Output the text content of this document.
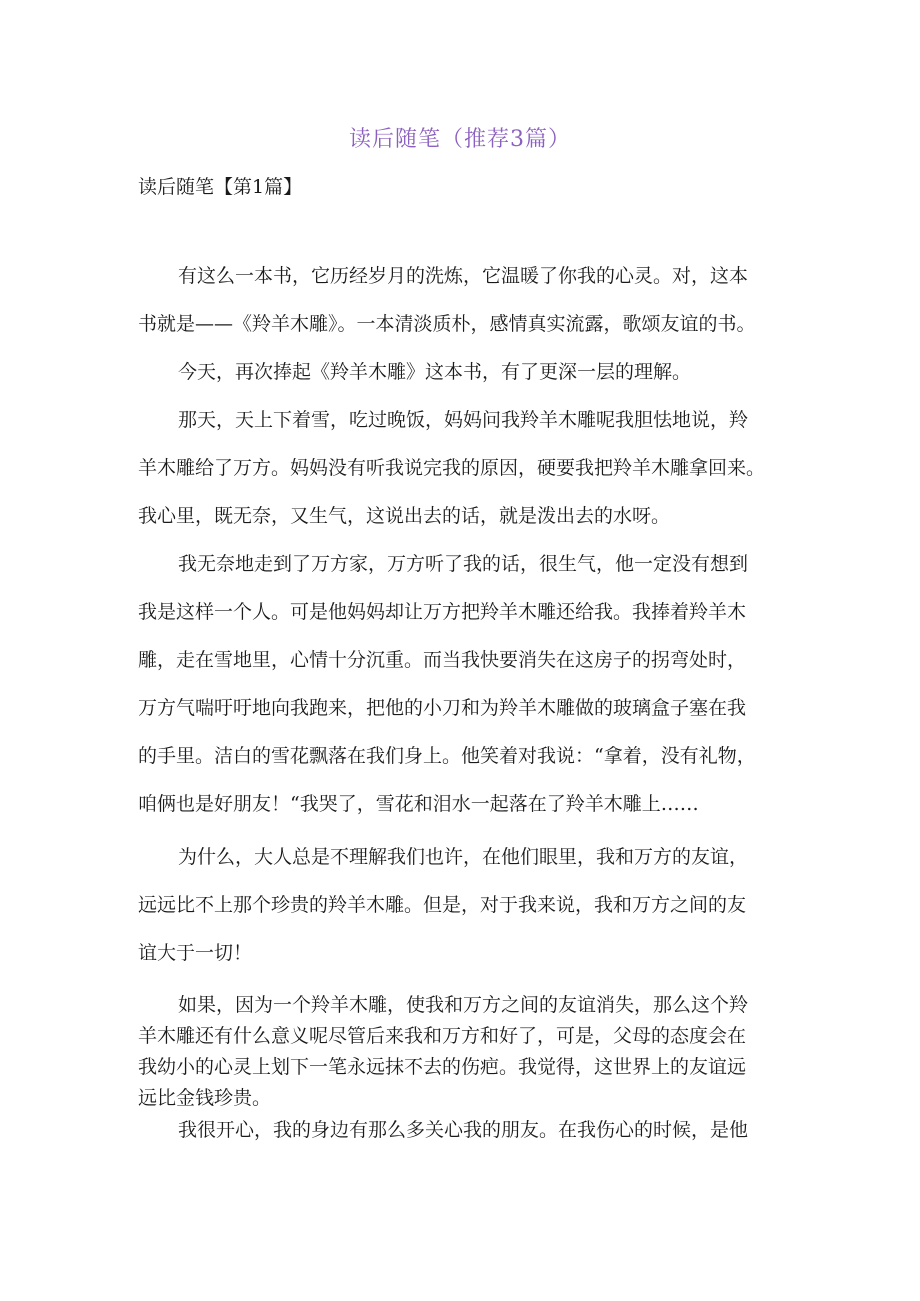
读后随笔（推荐3篇）
读后随笔【第1篇】
有这么一本书，它历经岁月的洗炼，它温暖了你我的心灵。对，这本
书就是——《羚羊木雕》。一本清淡质朴，感情真实流露，歌颂友谊的书。
今天，再次捧起《羚羊木雕》这本书，有了更深一层的理解。
那天，天上下着雪，吃过晚饭，妈妈问我羚羊木雕呢我胆怯地说，羚
羊木雕给了万方。妈妈没有听我说完我的原因，硬要我把羚羊木雕拿回来。
我心里，既无奈，又生气，这说出去的话，就是泼出去的水呀。
我无奈地走到了万方家，万方听了我的话，很生气，他一定没有想到
我是这样一个人。可是他妈妈却让万方把羚羊木雕还给我。我捧着羚羊木
雕，走在雪地里，心情十分沉重。而当我快要消失在这房子的拐弯处时，
万方气喘吁吁地向我跑来，把他的小刀和为羚羊木雕做的玻璃盒子塞在我
的手里。洁白的雪花飘落在我们身上。他笑着对我说：“拿着，没有礼物，
咱俩也是好朋友！“我哭了，雪花和泪水一起落在了羚羊木雕上……
为什么，大人总是不理解我们也许，在他们眼里，我和万方的友谊，
远远比不上那个珍贵的羚羊木雕。但是，对于我来说，我和万方之间的友
谊大于一切！
如果，因为一个羚羊木雕，使我和万方之间的友谊消失，那么这个羚
羊木雕还有什么意义呢尽管后来我和万方和好了，可是，父母的态度会在
我幼小的心灵上划下一笔永远抹不去的伤疤。我觉得，这世界上的友谊远
远比金钱珍贵。
我很开心，我的身边有那么多关心我的朋友。在我伤心的时候，是他
